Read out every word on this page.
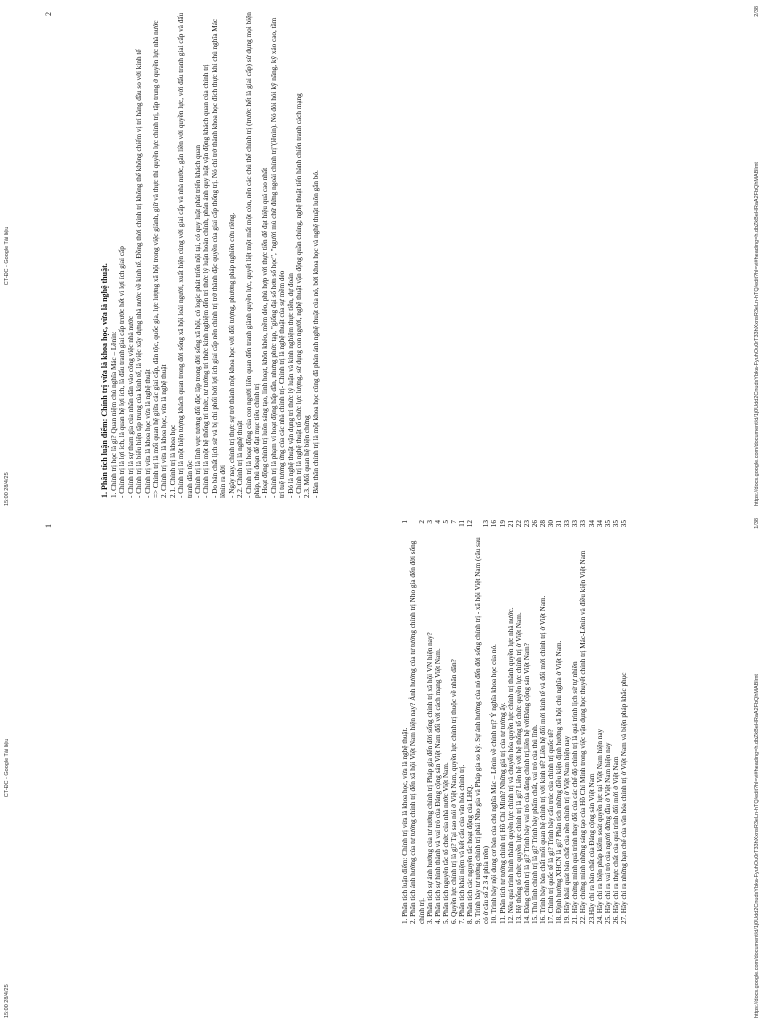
15:00 28/4/25
CT-ĐC - Google Tài liệu
1
1. Phân tích luận điểm: Chính trị vừa là khoa học, vừa là nghệ thuật.
1
2. Phân tích ảnh hưởng của tư tưởng chính trị đến xã hội Việt Nam hiện nay? Ảnh hưởng của tư tưởng chính trị Nho gia đến đời sống chính trị.
2
3. Phân tích sự ảnh hưởng của tư tưởng chính trị Pháp gia đến đời sống chính trị xã hội VN hiện nay?
3
4. Phân tích sự hình thành và vai trò của Đảng cộng sản Việt Nam đối với cách mạng Việt Nam.
4
5. Phân tích nguyên tắc tổ chức của nhà nước Việt Nam.
5
6. Quyền lực chính trị là gì? Tại sao nói ở Việt Nam, quyền lực chính trị thuộc về nhân dân?
7
7. Phân tích khái niệm và kết cấu của văn hóa chính trị.
11
8. Phân tích các nguyên tắc hoạt động của LHQ.
12
9. Trình bày tư tưởng chính trị phái Nho gia và Pháp gia so kỳ. Sự ảnh hưởng của nó đến đời sống chính trị - xã hội Việt Nam (câu sau có ở câu số 2 3 4 phía trên)
13
10. Trình bày nội dung cơ bản của chủ nghĩa Mác – Lênin về chính trị? Ý nghĩa khoa học của nó.
16
11. Phân tích tư tưởng chính trị Hồ Chí Minh? Những giá trị của tư tưởng ấy.
19
12. Nêu quá trình hình thành quyền lực chính trị và chuyển hóa quyền lực chính trị thành quyền lực nhà nước.
21
13. Hệ thống tổ chức quyền lực chính trị là gì? Liên hệ với hệ thống tổ chức quyền lực chính trị ở Việt Nam.
22
14. Đảng chính trị là gì? Trình bày vai trò của đảng chính trị,liên hệ vớiĐảng cộng sản Việt Nam?
23
15. Thủ lĩnh chính trị là gì? Trình bày phẩm chất, vai trò của thủ lĩnh.
26
16. Trình bày bản chất mối quan hệ chính trị với kinh tế? Liên hệ đổi mới kinh tế và đổi mới chính trị ở Việt Nam.
28
17. Chính trị quốc tế là gì? Trình bày cấu trúc của chính trị quốc tế?
30
18. Định hướng XHCN là gì? Phân tích những điều kiện định hướng xã hội chủ nghĩa ở Việt Nam.
31
19. Hãy khái quát bản chất của nền chính trị ở Việt Nam hiện nay
33
21. Hãy chứng minh quá trình thay đổi của các chế độ chính trị là quá trình lịch sử tự nhiên
33
22. Hãy chứng minh những sáng tạo của Hồ Chí Minh trong việc vận dụng học thuyết chính trị Mác-Lênin và điều kiện Việt Nam
33
23.Hãy chỉ ra bản chất của Đảng cộng sản Việt Nam
34
24. Hãy chỉ ra biện pháp kiểm soát quyền lực tại Việt Nam hiện nay
34
25. Hãy chỉ ra vai trò của người đứng đầu ở Việt Nam hiện nay
35
26. Hãy chỉ ra thực chất của quá trình đổi mới ở Việt Nam
35
27. Hãy chỉ ra những hạn chế của văn hóa chính trị ở Việt Nam và biện pháp khắc phục
35
https://docs.google.com/document/d/1j0Udd2CnudsYbka-FyuhOu0rT33hXxnsR3eLn-hTQ/edit?hl=vi#heading=h.dbZkBeHRaA2FbQhMABImt
1/38
15:00 28/4/25
CT-ĐC - Google Tài liệu
2
1. Phân tích luận điểm: Chính trị vừa là khoa học, vừa là nghệ thuật. 1. Chính trị học là gì? Quan niệm chủ nghĩa Mác – Lênin: - Chính trị là lợi ích, là quan hệ lợi ích, là đấu tranh giai cấp trước hết vì lợi ích giai cấp - Chính trị là sự tham gia của nhân dân vào công việc nhà nước - Chính trị là biểu hiện tập trung của kinh tế, là việc xây dựng nhà nước về kinh tế. Đồng thời chính trị không thể không chiếm vị trí hàng đầu so với kinh tế - Chính trị vừa là khoa học vừa là nghệ thuật => Chính trị là mối quan hệ giữa các giai cấp, dân tộc, quốc gia, lực lượng xã hội trong việc giành, giữ và thực thi quyền lực chính trị, tập trung ở quyền lực nhà nước 2. Chính trị vừa là khoa học, vừa là nghệ thuật 2.1. Chính trị là khoa học - Chính trị là một hiện tượng khách quan trong đời sống xã hội loài người, xuất hiện cùng với giai cấp và nhà nước, gắn liền với quyền lực, với đấu tranh giai cấp và đấu tranh dân tộc - Chính trị là lĩnh vực tương đối độc lập trong đời sống xã hội, có logic phát triển nội tại, có quy luật phát triển khách quan - Chính trị là một hệ thống tri thức, tư tưởng tri thức kinh nghiệm đến tri thức lý luận hoàn chỉnh, phản ánh quy luật vận động khách quan của chính trị - Do bản chất lịch sử và bị chi phối bởi lợi ích giai cấp nên chính trị trở thành đặc quyền của giai cấp thống trị. Nó chỉ trở thành khoa học đích thực khi chủ nghĩa Mác lênin ra đời - Ngày nay, chính trị thực sự trở thành một khoa học với đối tượng, phương pháp nghiên cứu riêng. 2.2. Chính trị là nghệ thuật - Chính trị là hoạt động của con người liên quan đến tranh giành quyền lực, quyết liệt một mất một còn, nên các chủ thể chính trị (trước hết là giai cấp) sử dụng mọi biện pháp, thủ đoạn để đạt mục tiêu chính trị - Hoạt động chính trị luôn sáng tạo, linh hoạt, khôn khéo, mềm dẻo, phù hợp với thực tiễn để đạt hiệu quả cao nhất - Chính trị là phạm vi hoạt động hấp dẫn, nhưng phức tạp, "giống đại số hơn số học", "người mù chữ đứng ngoài chính trị"(lênin). Nó đòi hỏi kỹ năng, kỹ xảo cao, tầm trí tuệ tương ứng của các nhà chính trị- Chính trị là nghệ thuật của sự mềm dẻo - Đó là nghệ thuật vận dụng tri thức lý luận và kinh nghiệm thực tiễn, dự đoán - Chính trị là nghệ thuật tổ chức lực lượng, sử dụng con người, nghệ thuật vận động quần chúng, nghệ thuật tiến hành chiến tranh cách mạng 2.3. Mối quan hệ biện chứng - Bản thân chính trị là một khoa học cũng đã phản ánh nghệ thuật của nó, bởi khoa học và nghệ thuật luôn gắn bó.	https://docs.google.com/document/d/1j0Udd2CnudsYbka-FyuhOu0rT33hXxnsR3eLn-hTQ/edit?hl=vi#heading=h.dbZkBeHRaA2FbQhMABImt
2/38
